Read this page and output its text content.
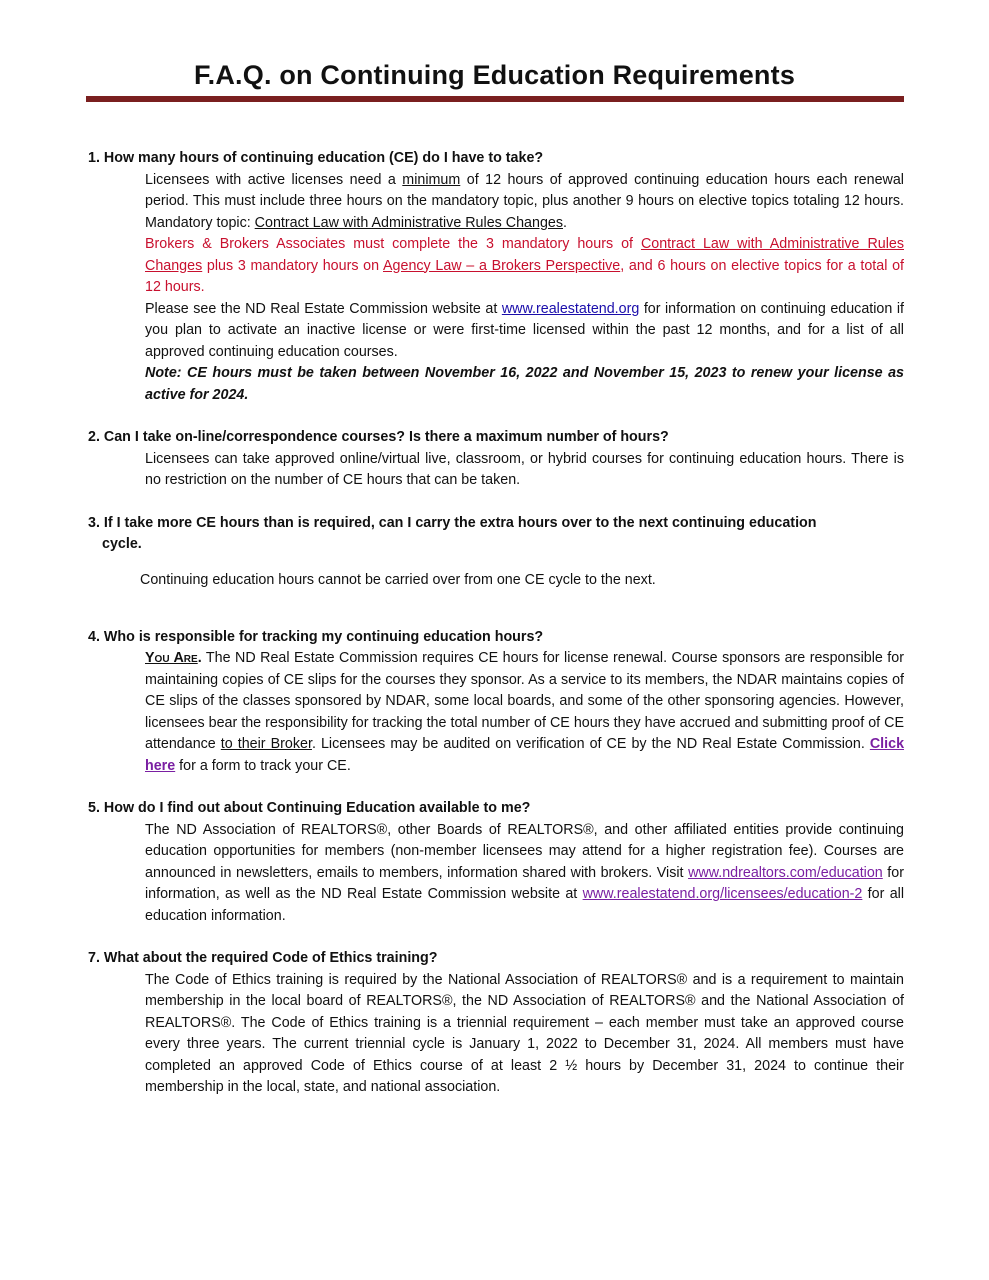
F.A.Q. on Continuing Education Requirements

1. How many hours of continuing education (CE) do I have to take?

Licensees with active licenses need a minimum of 12 hours of approved continuing education hours each renewal period. This must include three hours on the mandatory topic, plus another 9 hours on elective topics totaling 12 hours. Mandatory topic: Contract Law with Administrative Rules Changes.

Brokers & Brokers Associates must complete the 3 mandatory hours of Contract Law with Administrative Rules Changes plus 3 mandatory hours on Agency Law – a Brokers Perspective, and 6 hours on elective topics for a total of 12 hours.

Please see the ND Real Estate Commission website at www.realestatend.org for information on continuing education if you plan to activate an inactive license or were first-time licensed within the past 12 months, and for a list of all approved continuing education courses.

Note: CE hours must be taken between November 16, 2022 and November 15, 2023 to renew your license as active for 2024.

2. Can I take on-line/correspondence courses? Is there a maximum number of hours?

Licensees can take approved online/virtual live, classroom, or hybrid courses for continuing education hours. There is no restriction on the number of CE hours that can be taken.

3. If I take more CE hours than is required, can I carry the extra hours over to the next continuing education
cycle.

Continuing education hours cannot be carried over from one CE cycle to the next.

4. Who is responsible for tracking my continuing education hours?

You Are. The ND Real Estate Commission requires CE hours for license renewal. Course sponsors are responsible for maintaining copies of CE slips for the courses they sponsor. As a service to its members, the NDAR maintains copies of CE slips of the classes sponsored by NDAR, some local boards, and some of the other sponsoring agencies. However, licensees bear the responsibility for tracking the total number of CE hours they have accrued and submitting proof of CE attendance to their Broker. Licensees may be audited on verification of CE by the ND Real Estate Commission. Click here for a form to track your CE.

5. How do I find out about Continuing Education available to me?

The ND Association of REALTORS®, other Boards of REALTORS®, and other affiliated entities provide continuing education opportunities for members (non-member licensees may attend for a higher registration fee). Courses are announced in newsletters, emails to members, information shared with brokers. Visit www.ndrealtors.com/education for information, as well as the ND Real Estate Commission website at www.realestatend.org/licensees/education-2 for all education information.

7. What about the required Code of Ethics training?

The Code of Ethics training is required by the National Association of REALTORS® and is a requirement to maintain membership in the local board of REALTORS®, the ND Association of REALTORS® and the National Association of REALTORS®. The Code of Ethics training is a triennial requirement – each member must take an approved course every three years. The current triennial cycle is January 1, 2022 to December 31, 2024. All members must have completed an approved Code of Ethics course of at least 2 ½ hours by December 31, 2024 to continue their membership in the local, state, and national association.
